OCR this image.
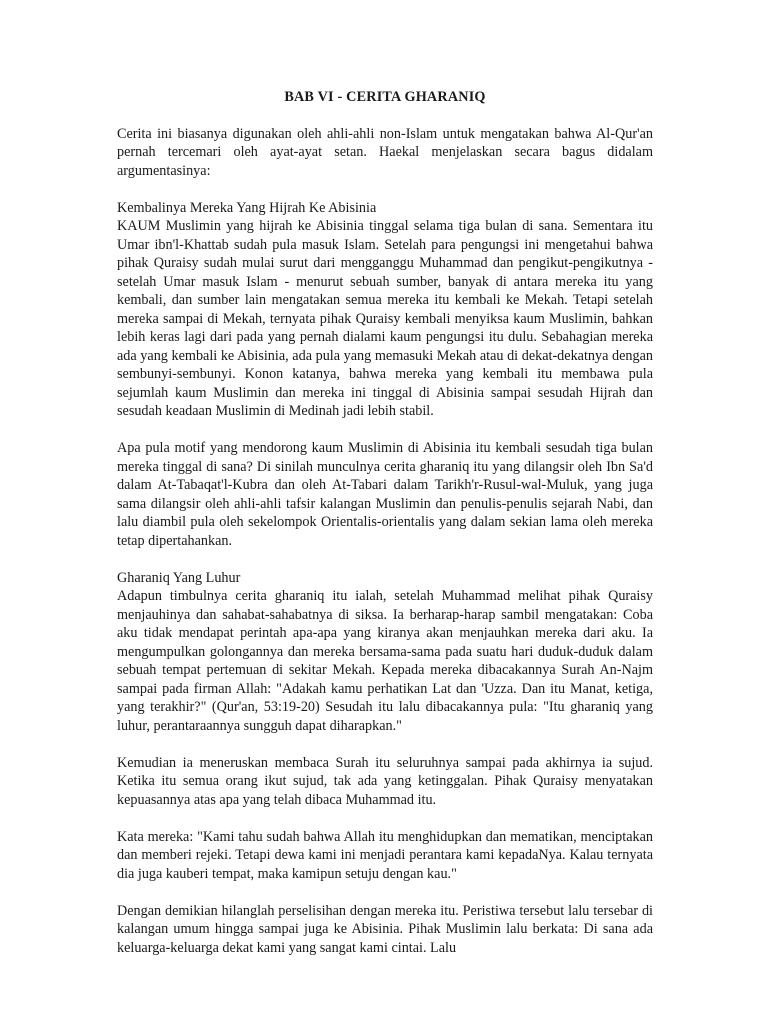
BAB VI - CERITA GHARANIQ

Cerita ini biasanya digunakan oleh ahli-ahli non-Islam untuk mengatakan bahwa Al-Qur'an pernah tercemari oleh ayat-ayat setan. Haekal menjelaskan secara bagus didalam argumentasinya:

Kembalinya Mereka Yang Hijrah Ke Abisinia

KAUM Muslimin yang hijrah ke Abisinia tinggal selama tiga bulan di sana. Sementara itu Umar ibn'l-Khattab sudah pula masuk Islam. Setelah para pengungsi ini mengetahui bahwa pihak Quraisy sudah mulai surut dari mengganggu Muhammad dan pengikut-pengikutnya - setelah Umar masuk Islam - menurut sebuah sumber, banyak di antara mereka itu yang kembali, dan sumber lain mengatakan semua mereka itu kembali ke Mekah. Tetapi setelah mereka sampai di Mekah, ternyata pihak Quraisy kembali menyiksa kaum Muslimin, bahkan lebih keras lagi dari pada yang pernah dialami kaum pengungsi itu dulu. Sebahagian mereka ada yang kembali ke Abisinia, ada pula yang memasuki Mekah atau di dekat-dekatnya dengan sembunyi-sembunyi. Konon katanya, bahwa mereka yang kembali itu membawa pula sejumlah kaum Muslimin dan mereka ini tinggal di Abisinia sampai sesudah Hijrah dan sesudah keadaan Muslimin di Medinah jadi lebih stabil.

Apa pula motif yang mendorong kaum Muslimin di Abisinia itu kembali sesudah tiga bulan mereka tinggal di sana? Di sinilah munculnya cerita gharaniq itu yang dilangsir oleh Ibn Sa'd dalam At-Tabaqat'l-Kubra dan oleh At-Tabari dalam Tarikh'r-Rusul-wal-Muluk, yang juga sama dilangsir oleh ahli-ahli tafsir kalangan Muslimin dan penulis-penulis sejarah Nabi, dan lalu diambil pula oleh sekelompok Orientalis-orientalis yang dalam sekian lama oleh mereka tetap dipertahankan.

Gharaniq Yang Luhur

Adapun timbulnya cerita gharaniq itu ialah, setelah Muhammad melihat pihak Quraisy menjauhinya dan sahabat-sahabatnya di siksa. Ia berharap-harap sambil mengatakan: Coba aku tidak mendapat perintah apa-apa yang kiranya akan menjauhkan mereka dari aku. Ia mengumpulkan golongannya dan mereka bersama-sama pada suatu hari duduk-duduk dalam sebuah tempat pertemuan di sekitar Mekah. Kepada mereka dibacakannya Surah An-Najm sampai pada firman Allah: "Adakah kamu perhatikan Lat dan 'Uzza. Dan itu Manat, ketiga, yang terakhir?" (Qur'an, 53:19-20) Sesudah itu lalu dibacakannya pula: "Itu gharaniq yang luhur, perantaraannya sungguh dapat diharapkan."

Kemudian ia meneruskan membaca Surah itu seluruhnya sampai pada akhirnya ia sujud. Ketika itu semua orang ikut sujud, tak ada yang ketinggalan. Pihak Quraisy menyatakan kepuasannya atas apa yang telah dibaca Muhammad itu.

Kata mereka: "Kami tahu sudah bahwa Allah itu menghidupkan dan mematikan, menciptakan dan memberi rejeki. Tetapi dewa kami ini menjadi perantara kami kepadaNya. Kalau ternyata dia juga kauberi tempat, maka kamipun setuju dengan kau."

Dengan demikian hilanglah perselisihan dengan mereka itu. Peristiwa tersebut lalu tersebar di kalangan umum hingga sampai juga ke Abisinia. Pihak Muslimin lalu berkata: Di sana ada keluarga-keluarga dekat kami yang sangat kami cintai. Lalu
